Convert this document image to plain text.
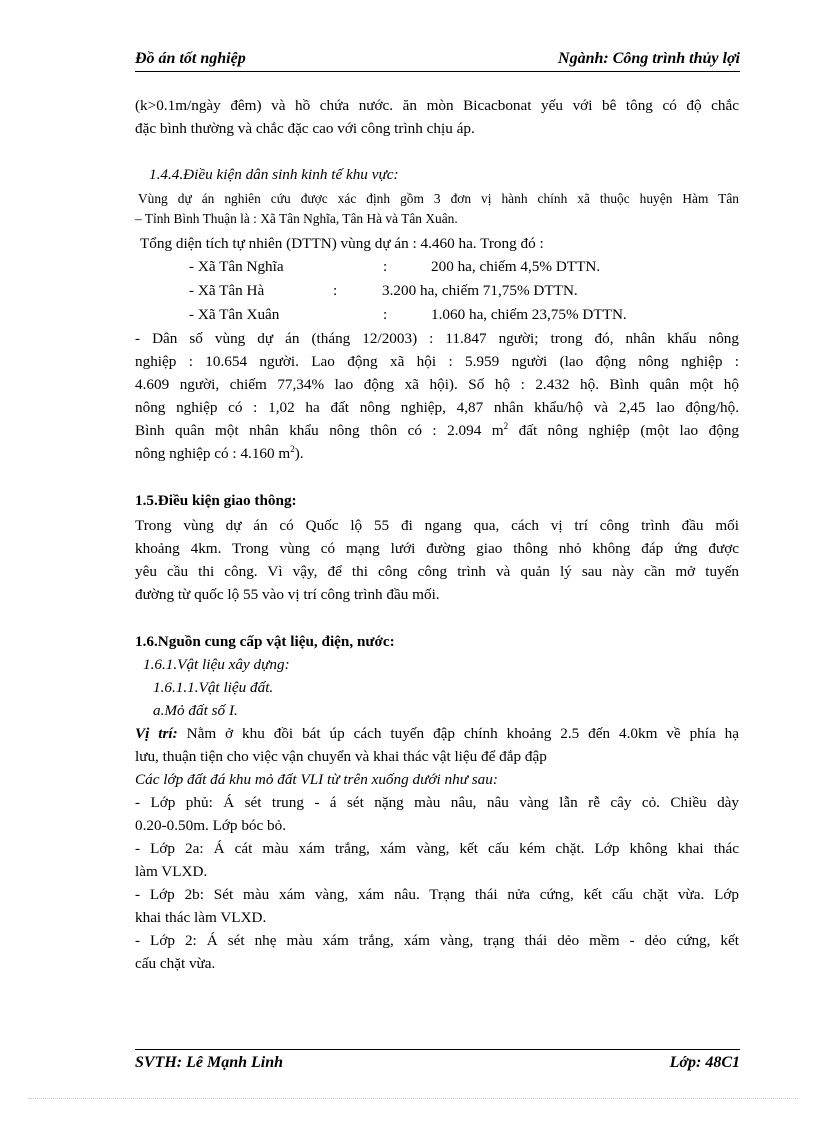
Đồ án tốt nghiệp	Ngành: Công trình thủy lợi

(k>0.1m/ngày đêm) và hồ chứa nước. ăn mòn Bicacbonat yếu với bê tông có độ chắc

đặc bình thường và chắc đặc cao với công trình chịu áp.

1.4.4.Điều kiện dân sinh kinh tế khu vực:

Vùng dự án nghiên cứu được xác định gồm 3 đơn vị hành chính xã thuộc huyện Hàm Tân

– Tỉnh Bình Thuận là : Xã Tân Nghĩa, Tân Hà và Tân Xuân.

Tổng diện tích tự nhiên (DTTN) vùng dự án : 4.460 ha. Trong đó :

- Xã Tân Nghĩa	:	200 ha, chiếm 4,5% DTTN.
- Xã Tân Hà	:	3.200 ha, chiếm 71,75% DTTN.
- Xã Tân Xuân	:	1.060 ha, chiếm 23,75% DTTN.

- Dân số vùng dự án (tháng 12/2003) : 11.847 người; trong đó, nhân khẩu nông

nghiệp : 10.654 người. Lao động xã hội : 5.959 người (lao động nông nghiệp :

4.609 người, chiếm 77,34% lao động xã hội). Số hộ : 2.432 hộ. Bình quân một hộ

nông nghiệp có : 1,02 ha đất nông nghiệp, 4,87 nhân khẩu/hộ và 2,45 lao động/hộ.

Bình quân một nhân khẩu nông thôn có : 2.094 $m^2$ đất nông nghiệp (một lao động

nông nghiệp có : 4.160 $m^2$).

1.5.Điều kiện giao thông:

Trong vùng dự án có Quốc lộ 55 đi ngang qua, cách vị trí công trình đầu mối

khoảng 4km. Trong vùng có mạng lưới đường giao thông nhỏ không đáp ứng được

yêu cầu thi công. Vì vậy, để thi công công trình và quản lý sau này cần mở tuyến

đường từ quốc lộ 55 vào vị trí công trình đầu mối.

1.6.Nguồn cung cấp vật liệu, điện, nước:

1.6.1.Vật liệu xây dựng:

1.6.1.1.Vật liệu đất.

a.Mỏ đất số I.

Vị trí: Nằm ở khu đồi bát úp cách tuyến đập chính khoảng 2.5 đến 4.0km về phía hạ

lưu, thuận tiện cho việc vận chuyển và khai thác vật liệu để đắp đập

Các lớp đất đá khu mỏ đất VLI từ trên xuống dưới như sau:

- Lớp phủ: Á sét trung - á sét nặng màu nâu, nâu vàng lẫn rễ cây cỏ. Chiều dày

0.20-0.50m. Lớp bóc bỏ.

- Lớp 2a: Á cát màu xám trắng, xám vàng, kết cấu kém chặt. Lớp không khai thác

làm VLXD.

- Lớp 2b: Sét màu xám vàng, xám nâu. Trạng thái nửa cứng, kết cấu chặt vừa. Lớp

khai thác làm VLXD.

- Lớp 2: Á sét nhẹ màu xám trắng, xám vàng, trạng thái dẻo mềm - dẻo cứng, kết

cấu chặt vừa.

SVTH: Lê Mạnh Linh	Lớp: 48C1
